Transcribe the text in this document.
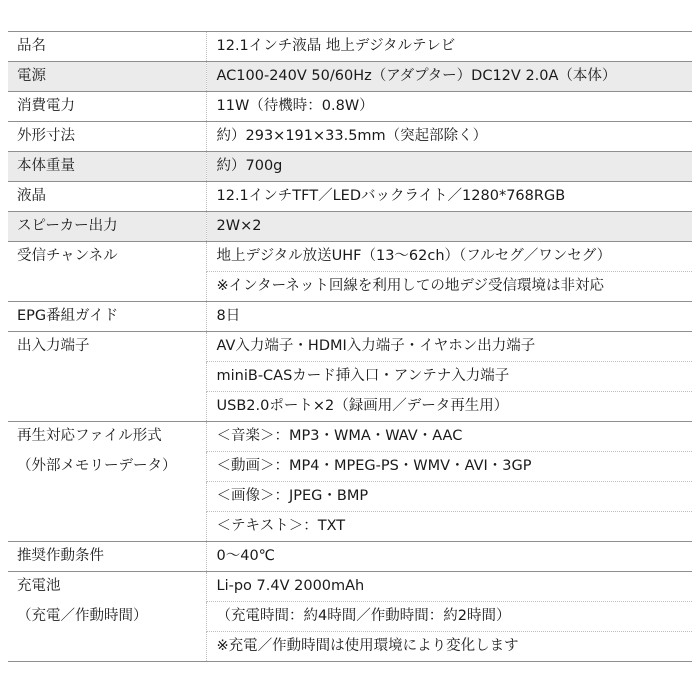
品名	12.1インチ液晶 地上デジタルテレビ
電源	AC100-240V 50/60Hz（アダプター）DC12V 2.0A（本体）
消費電力	11W（待機時：0.8W）
外形寸法	約）293×191×33.5mm（突起部除く）
本体重量	約）700g
液晶	12.1インチTFT／LEDバックライト／1280*768RGB
スピーカー出力	2W×2
受信チャンネル	地上デジタル放送UHF（13～62ch）（フルセグ／ワンセグ）
	※インターネット回線を利用しての地デジ受信環境は非対応
EPG番組ガイド	8日
出入力端子	AV入力端子・HDMI入力端子・イヤホン出力端子
	miniB-CASカード挿入口・アンテナ入力端子
	USB2.0ポート×2（録画用／データ再生用）
再生対応ファイル形式	＜音楽＞：MP3・WMA・WAV・AAC
（外部メモリーデータ）	＜動画＞：MP4・MPEG-PS・WMV・AVI・3GP
	＜画像＞：JPEG・BMP
	＜テキスト＞：TXT
推奨作動条件	0～40℃
充電池	Li-po 7.4V 2000mAh
（充電／作動時間）	（充電時間：約4時間／作動時間：約2時間）
	※充電／作動時間は使用環境により変化します
